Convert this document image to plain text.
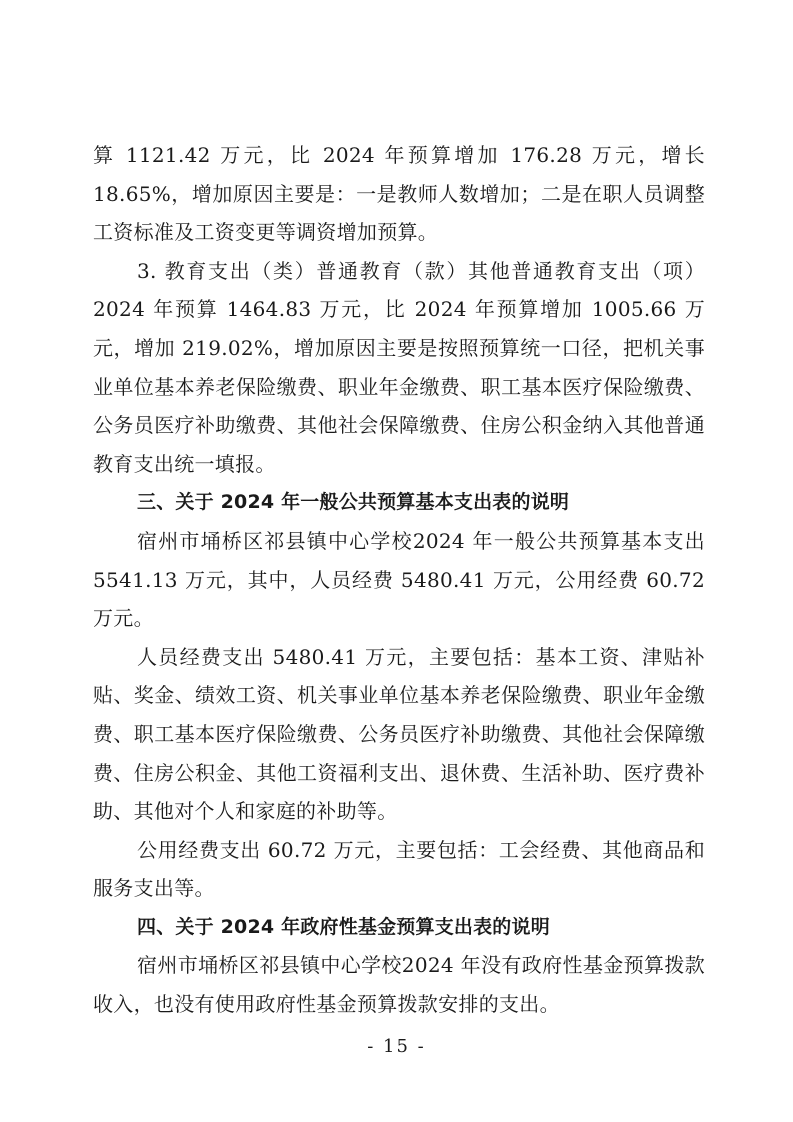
算 1121.42 万元，比 2024 年预算增加 176.28 万元，增长 18.65%，增加原因主要是：一是教师人数增加；二是在职人员调整工资标准及工资变更等调资增加预算。

3. 教育支出（类）普通教育（款）其他普通教育支出（项）2024 年预算 1464.83 万元，比 2024 年预算增加 1005.66 万元，增加 219.02%，增加原因主要是按照预算统一口径，把机关事业单位基本养老保险缴费、职业年金缴费、职工基本医疗保险缴费、公务员医疗补助缴费、其他社会保障缴费、住房公积金纳入其他普通教育支出统一填报。

三、关于 2024 年一般公共预算基本支出表的说明

宿州市埇桥区祁县镇中心学校2024 年一般公共预算基本支出 5541.13 万元，其中，人员经费 5480.41 万元，公用经费 60.72 万元。

人员经费支出 5480.41 万元，主要包括：基本工资、津贴补贴、奖金、绩效工资、机关事业单位基本养老保险缴费、职业年金缴费、职工基本医疗保险缴费、公务员医疗补助缴费、其他社会保障缴费、住房公积金、其他工资福利支出、退休费、生活补助、医疗费补助、其他对个人和家庭的补助等。

公用经费支出 60.72 万元，主要包括：工会经费、其他商品和服务支出等。

四、关于 2024 年政府性基金预算支出表的说明

宿州市埇桥区祁县镇中心学校2024 年没有政府性基金预算拨款收入，也没有使用政府性基金预算拨款安排的支出。

- 15 -
